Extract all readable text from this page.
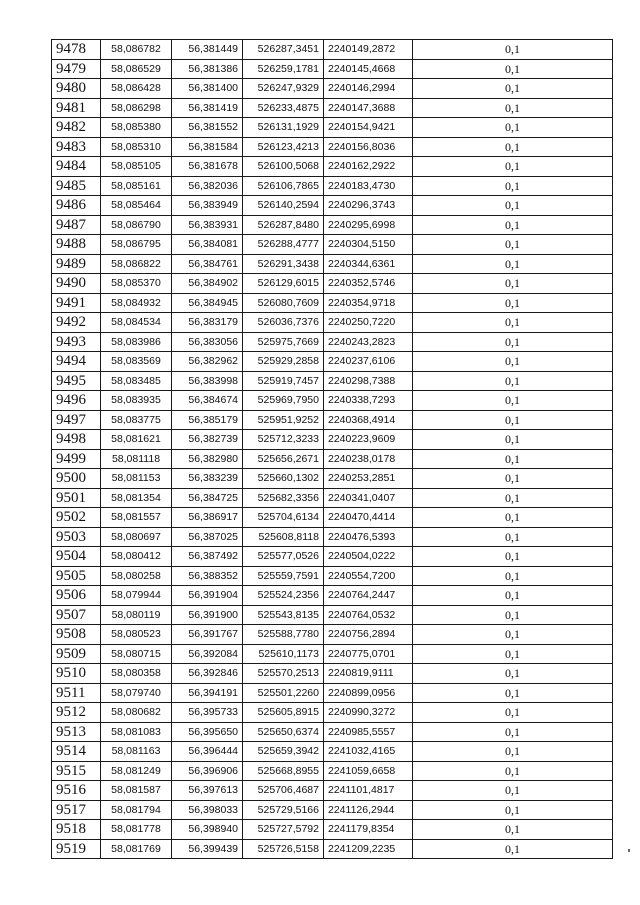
9478	58,086782	56,381449	526287,3451	2240149,2872	0,1
9479	58,086529	56,381386	526259,1781	2240145,4668	0,1
9480	58,086428	56,381400	526247,9329	2240146,2994	0,1
9481	58,086298	56,381419	526233,4875	2240147,3688	0,1
9482	58,085380	56,381552	526131,1929	2240154,9421	0,1
9483	58,085310	56,381584	526123,4213	2240156,8036	0,1
9484	58,085105	56,381678	526100,5068	2240162,2922	0,1
9485	58,085161	56,382036	526106,7865	2240183,4730	0,1
9486	58,085464	56,383949	526140,2594	2240296,3743	0,1
9487	58,086790	56,383931	526287,8480	2240295,6998	0,1
9488	58,086795	56,384081	526288,4777	2240304,5150	0,1
9489	58,086822	56,384761	526291,3438	2240344,6361	0,1
9490	58,085370	56,384902	526129,6015	2240352,5746	0,1
9491	58,084932	56,384945	526080,7609	2240354,9718	0,1
9492	58,084534	56,383179	526036,7376	2240250,7220	0,1
9493	58,083986	56,383056	525975,7669	2240243,2823	0,1
9494	58,083569	56,382962	525929,2858	2240237,6106	0,1
9495	58,083485	56,383998	525919,7457	2240298,7388	0,1
9496	58,083935	56,384674	525969,7950	2240338,7293	0,1
9497	58,083775	56,385179	525951,9252	2240368,4914	0,1
9498	58,081621	56,382739	525712,3233	2240223,9609	0,1
9499	58,081118	56,382980	525656,2671	2240238,0178	0,1
9500	58,081153	56,383239	525660,1302	2240253,2851	0,1
9501	58,081354	56,384725	525682,3356	2240341,0407	0,1
9502	58,081557	56,386917	525704,6134	2240470,4414	0,1
9503	58,080697	56,387025	525608,8118	2240476,5393	0,1
9504	58,080412	56,387492	525577,0526	2240504,0222	0,1
9505	58,080258	56,388352	525559,7591	2240554,7200	0,1
9506	58,079944	56,391904	525524,2356	2240764,2447	0,1
9507	58,080119	56,391900	525543,8135	2240764,0532	0,1
9508	58,080523	56,391767	525588,7780	2240756,2894	0,1
9509	58,080715	56,392084	525610,1173	2240775,0701	0,1
9510	58,080358	56,392846	525570,2513	2240819,9111	0,1
9511	58,079740	56,394191	525501,2260	2240899,0956	0,1
9512	58,080682	56,395733	525605,8915	2240990,3272	0,1
9513	58,081083	56,395650	525650,6374	2240985,5557	0,1
9514	58,081163	56,396444	525659,3942	2241032,4165	0,1
9515	58,081249	56,396906	525668,8955	2241059,6658	0,1
9516	58,081587	56,397613	525706,4687	2241101,4817	0,1
9517	58,081794	56,398033	525729,5166	2241126,2944	0,1
9518	58,081778	56,398940	525727,5792	2241179,8354	0,1
9519	58,081769	56,399439	525726,5158	2241209,2235	0,1
